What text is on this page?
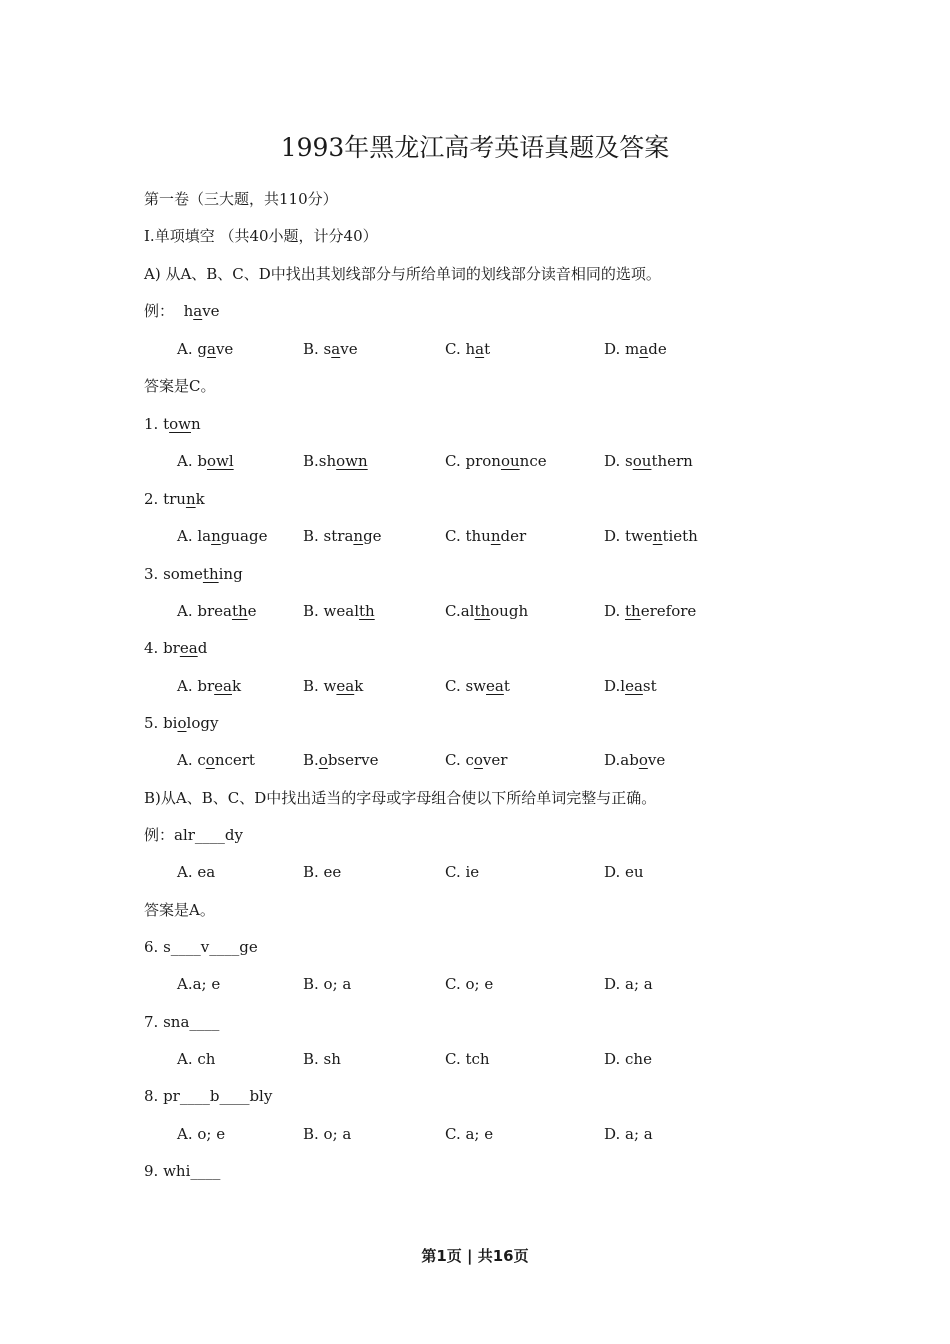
1993年黑龙江高考英语真题及答案
第一卷（三大题，共110分）
Ⅰ.单项填空 （共40小题，计分40）
A) 从A、B、C、D中找出其划线部分与所给单词的划线部分读音相同的选项。
例： have
A. gave	B. save	C. hat	D. made
答案是C。
1. town
A. bowl	B.shown	C. pronounce	D. southern
2. trunk
A. language B. strange	C. thunder	D. twentieth
3. something
A. breathe	B. wealth	C.although	D. therefore
4. bread
A. break	B. weak	C. sweat	D.least
5. biology
A. concert	B.observe	C. cover	D.above
B)从A、B、C、D中找出适当的字母或字母组合使以下所给单词完整与正确。
例：alr____dy
A. ea	B. ee	C. ie	D. eu
答案是A。
6. s____v____ge
A.a; e	B. o; a	C. o; e	D. a; a
7. sna____
A. ch	B. sh	C. tch	D. che
8. pr____b____bly
A. o; e	B. o; a	C. a; e	D. a; a
9. whi____
第1页 | 共16页
